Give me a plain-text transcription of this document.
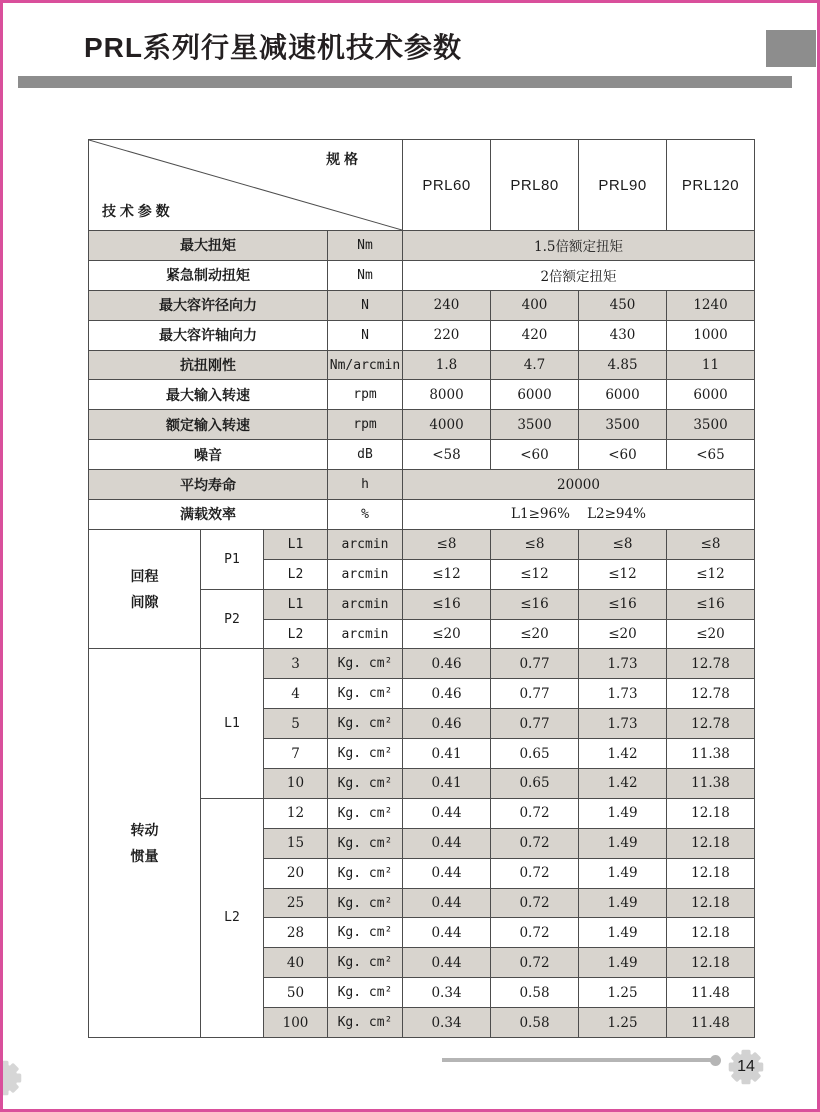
PRL系列行星减速机技术参数

规 格

技 术 参 数				PRL60	PRL80	PRL90	PRL120
最大扭矩			Nm	1.5倍额定扭矩			
紧急制动扭矩			Nm	2倍额定扭矩			
最大容许径向力			N	240	400	450	1240
最大容许轴向力			N	220	420	430	1000
抗扭刚性			Nm/arcmin	1.8	4.7	4.85	11
最大输入转速			rpm	8000	6000	6000	6000
额定输入转速			rpm	4000	3500	3500	3500
噪音			dB	<58	<60	<60	<65
平均寿命			h	20000			
满载效率			%	L1≥96%    L2≥94%			

回程
间隙	P1	L1	arcmin	≤8	≤8	≤8	≤8
		L2	arcmin	≤12	≤12	≤12	≤12
	P2	L1	arcmin	≤16	≤16	≤16	≤16
		L2	arcmin	≤20	≤20	≤20	≤20

转动
惯量	L1	3	Kg. cm²	0.46	0.77	1.73	12.78
		4	Kg. cm²	0.46	0.77	1.73	12.78
		5	Kg. cm²	0.46	0.77	1.73	12.78
		7	Kg. cm²	0.41	0.65	1.42	11.38
		10	Kg. cm²	0.41	0.65	1.42	11.38
	L2	12	Kg. cm²	0.44	0.72	1.49	12.18
		15	Kg. cm²	0.44	0.72	1.49	12.18
		20	Kg. cm²	0.44	0.72	1.49	12.18
		25	Kg. cm²	0.44	0.72	1.49	12.18
		28	Kg. cm²	0.44	0.72	1.49	12.18
		40	Kg. cm²	0.44	0.72	1.49	12.18
		50	Kg. cm²	0.34	0.58	1.25	11.48
		100	Kg. cm²	0.34	0.58	1.25	11.48
14
